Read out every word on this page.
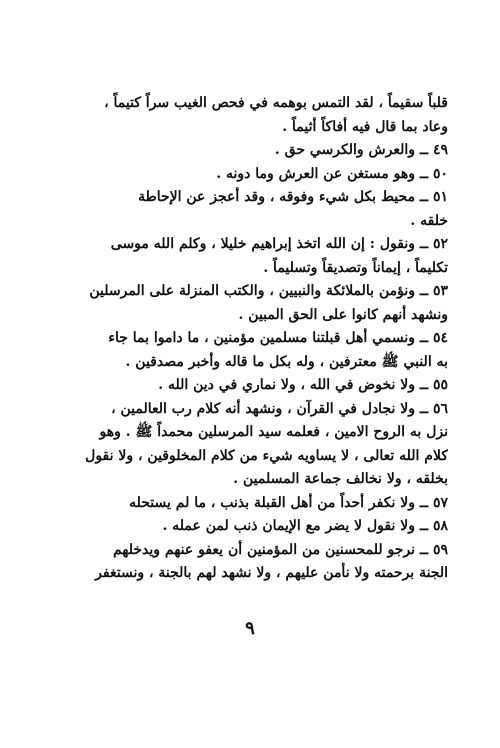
قلباً سقيماً ، لقد التمس بوهمه في فحص الغيب سراً كتيماً ،
وعاد بما قال فيه أفاكاً أثيماً .
٤٩ ــ والعرش والكرسي حق .
٥٠ ــ وهو مستغن عن العرش وما دونه .
٥١ ــ محيط بكل شيء وفوقه ، وقد أعجز عن الإحاطة
خلقه .
٥٢ ــ ونقول : إن الله اتخذ إبراهيم خليلا ، وكلم الله موسى
تكليماً ، إيماناً وتصديقاً وتسليماً .
٥٣ ــ ونؤمن بالملائكة والنبيين ، والكتب المنزلة على المرسلين
ونشهد أنهم كانوا على الحق المبين .
٥٤ ــ ونسمي أهل قبلتنا مسلمين مؤمنين ، ما داموا بما جاء
به النبي ﷺ معترفين ، وله بكل ما قاله وأخبر مصدقين .
٥٥ ــ ولا نخوض في الله ، ولا نماري في دين الله .
٥٦ ــ ولا نجادل في القرآن ، ونشهد أنه كلام رب العالمين ،
نزل به الروح الامين ، فعلمه سيد المرسلين محمداً ﷺ . وهو
كلام الله تعالى ، لا يساويه شيء من كلام المخلوقين ، ولا نقول
بخلقه ، ولا نخالف جماعة المسلمين .
٥٧ ــ ولا نكفر أحداً من أهل القبلة بذنب ، ما لم يستحله
٥٨ ــ ولا نقول لا يضر مع الإيمان ذنب لمن عمله .
٥٩ ــ نرجو للمحسنين من المؤمنين أن يعفو عنهم ويدخلهم
الجنة برحمته ولا نأمن عليهم ، ولا نشهد لهم بالجنة ، ونستغفر
٩
